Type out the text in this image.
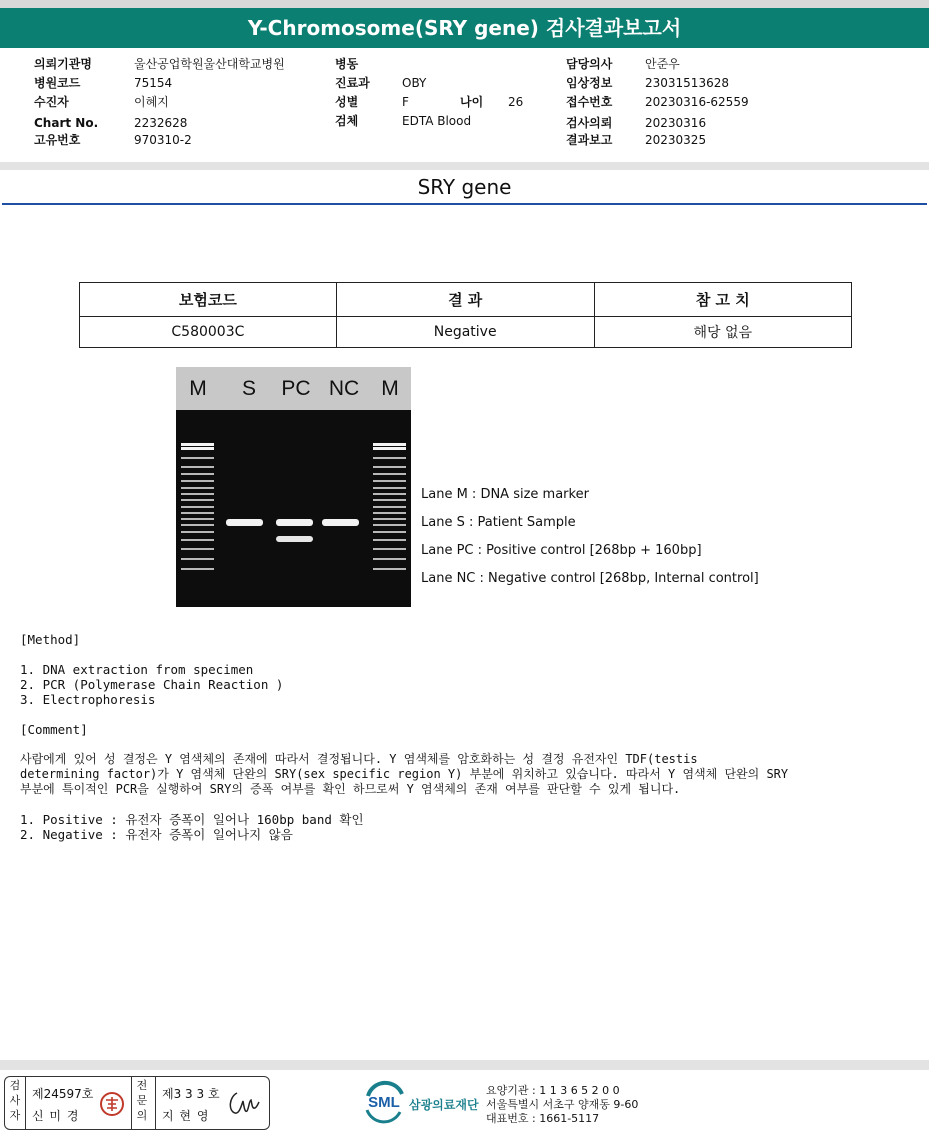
Y-Chromosome(SRY gene) 검사결과보고서
의뢰기관명	울산공업학원울산대학교병원
병원코드	75154
수진자	이혜지
Chart No.	2232628
고유번호	970310-2
병동
진료과	OBY
성별	F	나이 26
검체	EDTA Blood
담당의사	안준우
임상정보	23031513628
접수번호	20230316-62559
검사의뢰	20230316
결과보고	20230325
SRY gene
보험코드	결 과	참 고 치
C580003C	Negative	해당 없음
M S PC NC M
Lane M : DNA size marker
Lane S : Patient Sample
Lane PC : Positive control [268bp + 160bp]
Lane NC : Negative control [268bp, Internal control]
[Method]
1. DNA extraction from specimen
2. PCR (Polymerase Chain Reaction )
3. Electrophoresis
[Comment]
사람에게 있어 성 결정은 Y 염색체의 존재에 따라서 결정됩니다. Y 염색체를 암호화하는 성 결정 유전자인 TDF(testis
determining factor)가 Y 염색체 단완의 SRY(sex specific region Y) 부분에 위치하고 있습니다. 따라서 Y 염색체 단완의 SRY
부분에 특이적인 PCR을 실행하여 SRY의 증폭 여부를 확인 하므로써 Y 염색체의 존재 여부를 판단할 수 있게 됩니다.
1. Positive : 유전자 증폭이 일어나 160bp band 확인
2. Negative : 유전자 증폭이 일어나지 않음
검
사
자
제24597호
신 미 경
전
문
의
제3 3 3 호
지 현 영
SML 삼광의료재단
요양기관 : 1 1 3 6 5 2 0 0
서울특별시 서초구 양재동 9-60
대표번호 : 1661-5117
